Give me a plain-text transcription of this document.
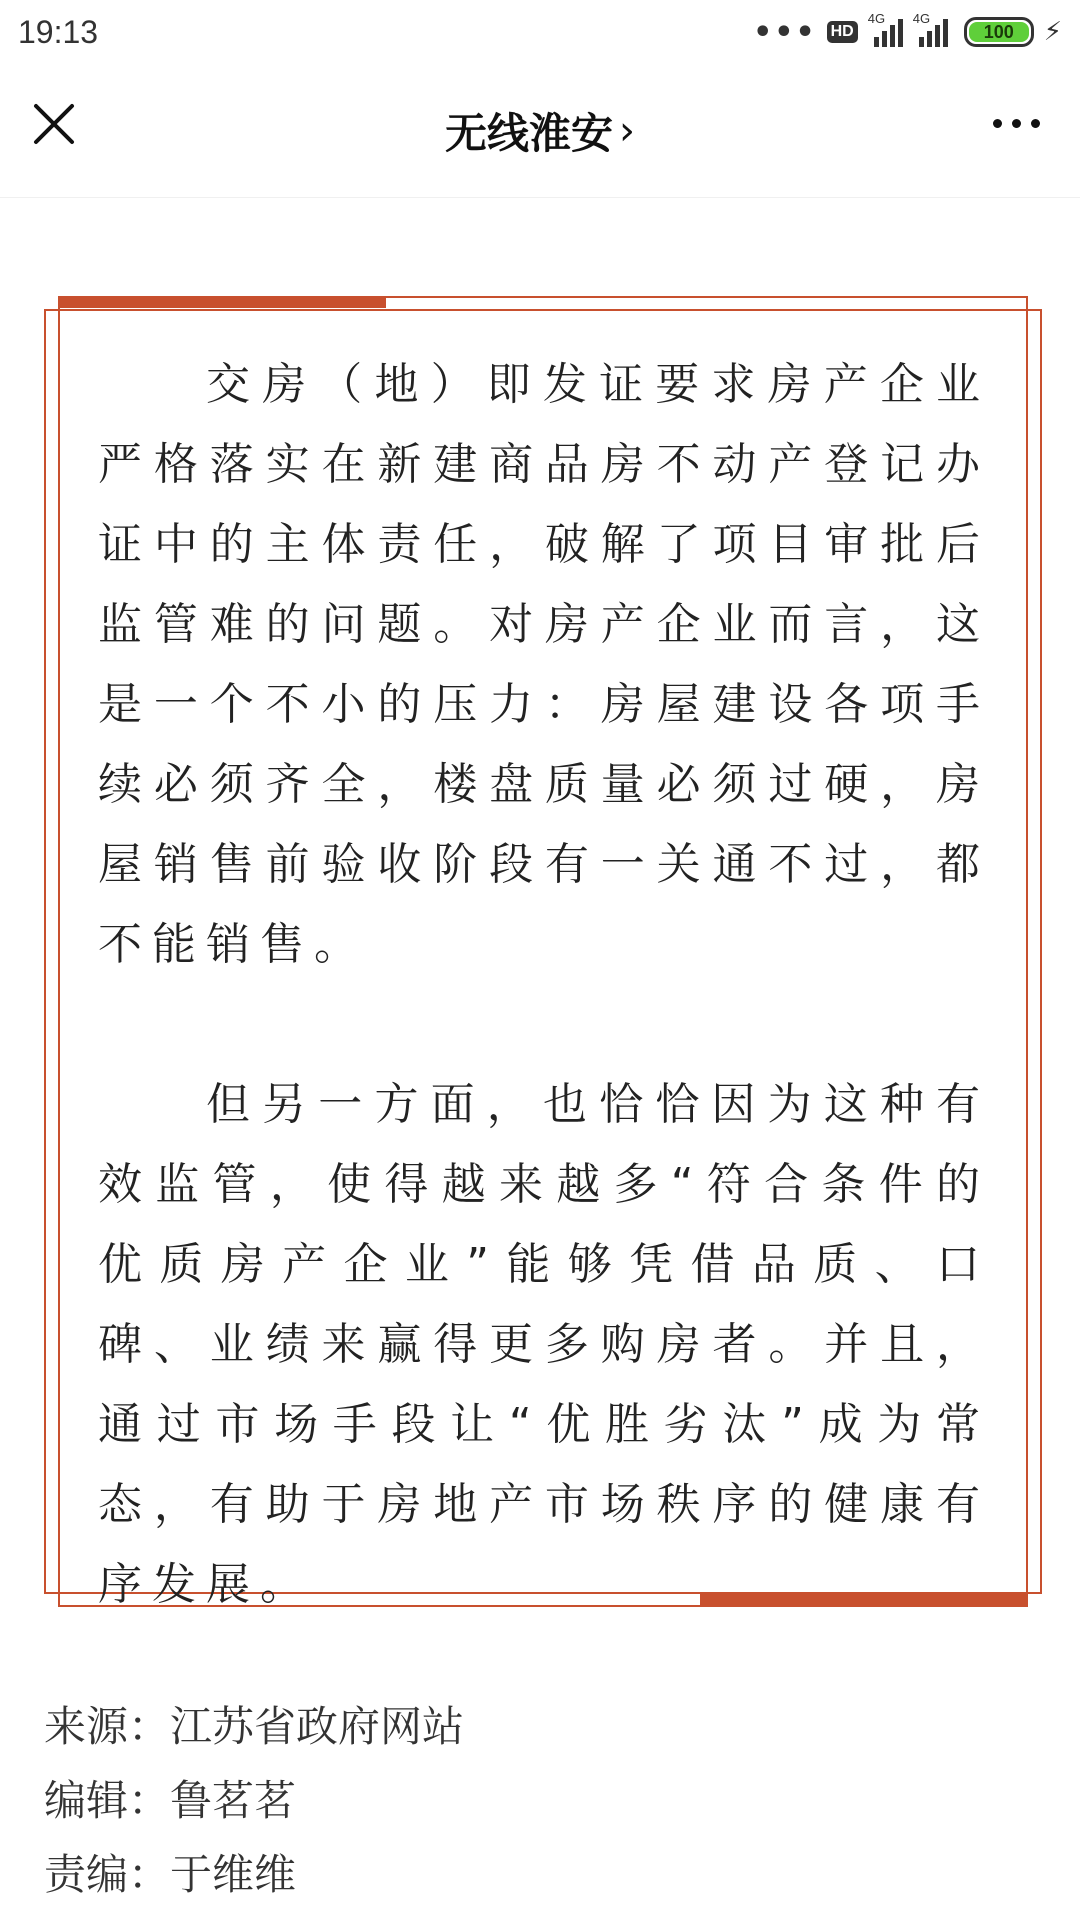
19:13	••• HD
4G 4G
100	⚡
无线淮安 ›

交房（地）即发证要求房产企业严格落实在新建商品房不动产登记办证中的主体责任，破解了项目审批后监管难的问题。对房产企业而言，这是一个不小的压力：房屋建设各项手续必须齐全，楼盘质量必须过硬，房屋销售前验收阶段有一关通不过，都不能销售。

但另一方面，也恰恰因为这种有效监管，使得越来越多“符合条件的优质房产企业”能够凭借品质、口碑、业绩来赢得更多购房者。并且，通过市场手段让“优胜劣汰”成为常态，有助于房地产市场秩序的健康有序发展。

来源：江苏省政府网站
编辑：鲁茗茗
责编：于维维
